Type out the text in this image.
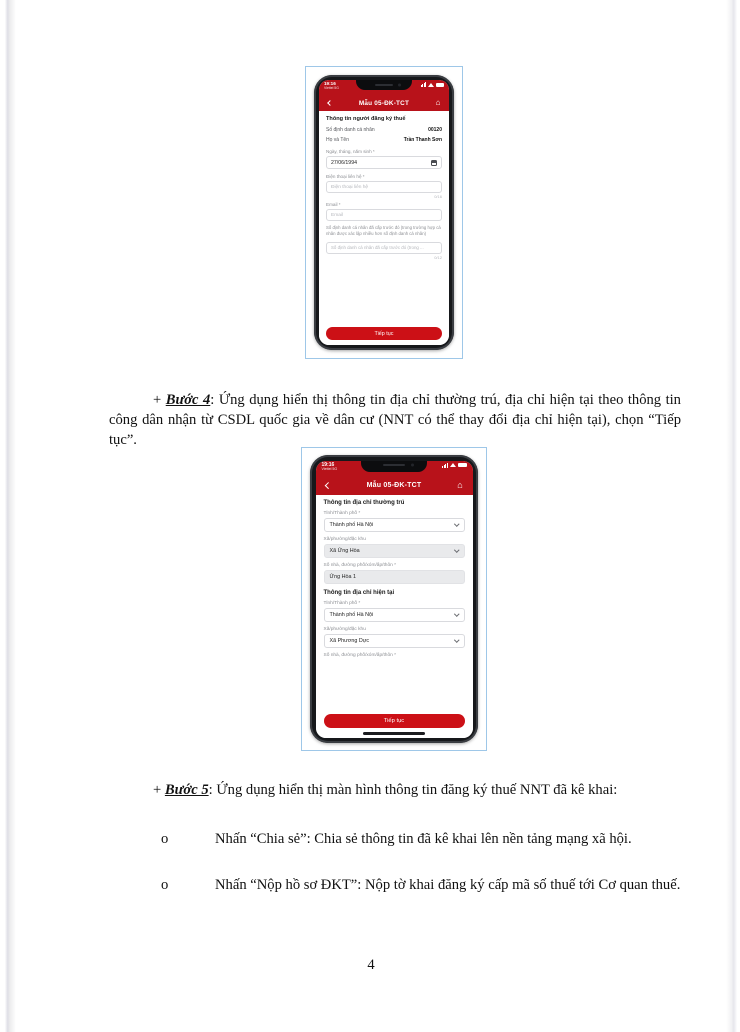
19:16
Viettel 5G
Mẫu 05-ĐK-TCT	⌂
Thông tin người đăng ký thuế
Số định danh cá nhân	00120
Họ và Tên	Trần Thanh Sơn
Ngày, tháng, năm sinh *
27/06/1994
Điện thoại liên hệ *
Điện thoại liên hệ
0/16
Email *
Email
Số định danh cá nhân đã cấp trước đó (trong trường hợp cá nhân được xác lập nhiều hơn số định danh cá nhân)
Số định danh cá nhân đã cấp trước đó (trong ...
0/12
Tiếp tục

+ Bước 4: Ứng dụng hiển thị thông tin địa chỉ thường trú, địa chỉ hiện tại theo thông tin công dân nhận từ CSDL quốc gia về dân cư (NNT có thể thay đổi địa chỉ hiện tại), chọn “Tiếp tục”.

19:16
Viettel 5G
Mẫu 05-ĐK-TCT	⌂
Thông tin địa chỉ thường trú
Tỉnh/Thành phố *
Thành phố Hà Nội
Xã/phường/đặc khu
Xã Ứng Hòa
Số nhà, đường phố/xóm/ấp/thôn *
Ứng Hòa 1
Thông tin địa chỉ hiện tại
Tỉnh/Thành phố *
Thành phố Hà Nội
Xã/phường/đặc khu
Xã Phương Dực
Số nhà, đường phố/xóm/ấp/thôn *
Tiếp tục

+ Bước 5: Ứng dụng hiển thị màn hình thông tin đăng ký thuế NNT đã kê khai:

o	Nhấn “Chia sẻ”: Chia sẻ thông tin đã kê khai lên nền tảng mạng xã hội.

o	Nhấn “Nộp hồ sơ ĐKT”: Nộp tờ khai đăng ký cấp mã số thuế tới Cơ quan thuế.

4
